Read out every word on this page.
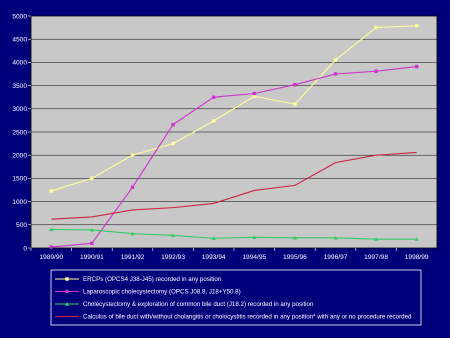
0
500
1000
1500
2000
2500
3000
3500
4000
4500
5000
1989/90	1990/91	1991/92	1992/93	1993/94	1994/95	1995/96	1996/97	1997/98	1998/99
ERCPs (OPCS4 J38-J45) recorded in any position
Laparoscopic cholecystectomy (OPCS J08.8, J18+Y50.8)
Cholecystectomy & exploration of common bile duct (J18.2) recorded in any position
Calculus of bile duct with/without cholangitis or cholocystitis recorded in any position* with any or no procedure recorded
